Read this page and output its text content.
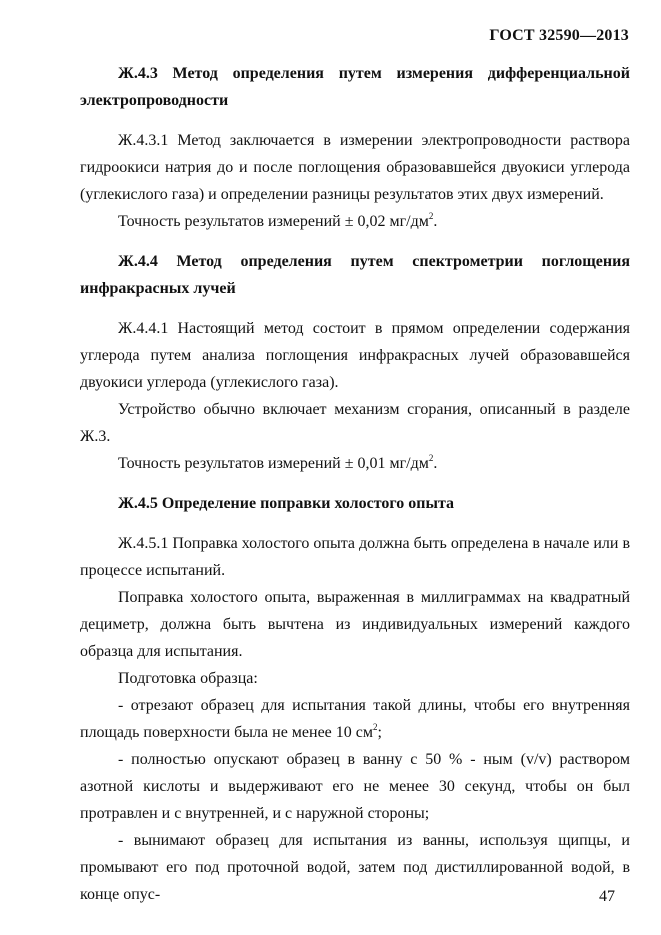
ГОСТ 32590—2013

Ж.4.3 Метод определения путем измерения дифференциальной электропроводности

Ж.4.3.1 Метод заключается в измерении электропроводности раствора гидроокиси натрия до и после поглощения образовавшейся двуокиси углерода (углекислого газа) и определении разницы результатов этих двух измерений.

Точность результатов измерений ± 0,02 $мг/дм^2$.

Ж.4.4 Метод определения путем спектрометрии поглощения инфракрасных лучей

Ж.4.4.1 Настоящий метод состоит в прямом определении содержания углерода путем анализа поглощения инфракрасных лучей образовавшейся двуокиси углерода (углекислого газа).

Устройство обычно включает механизм сгорания, описанный в разделе Ж.3.

Точность результатов измерений ± 0,01 $мг/дм^2$.

Ж.4.5 Определение поправки холостого опыта

Ж.4.5.1 Поправка холостого опыта должна быть определена в начале или в процессе испытаний.

Поправка холостого опыта, выраженная в миллиграммах на квадратный дециметр, должна быть вычтена из индивидуальных измерений каждого образца для испытания.

Подготовка образца:

- отрезают образец для испытания такой длины, чтобы его внутренняя площадь поверхности была не менее 10 $см^2$;

- полностью опускают образец в ванну с 50 % - ным (v/v) раствором азотной кислоты и выдерживают его не менее 30 секунд, чтобы он был протравлен и с внутренней, и с наружной стороны;

- вынимают образец для испытания из ванны, используя щипцы, и промывают его под проточной водой, затем под дистиллированной водой, в конце опус-	47
